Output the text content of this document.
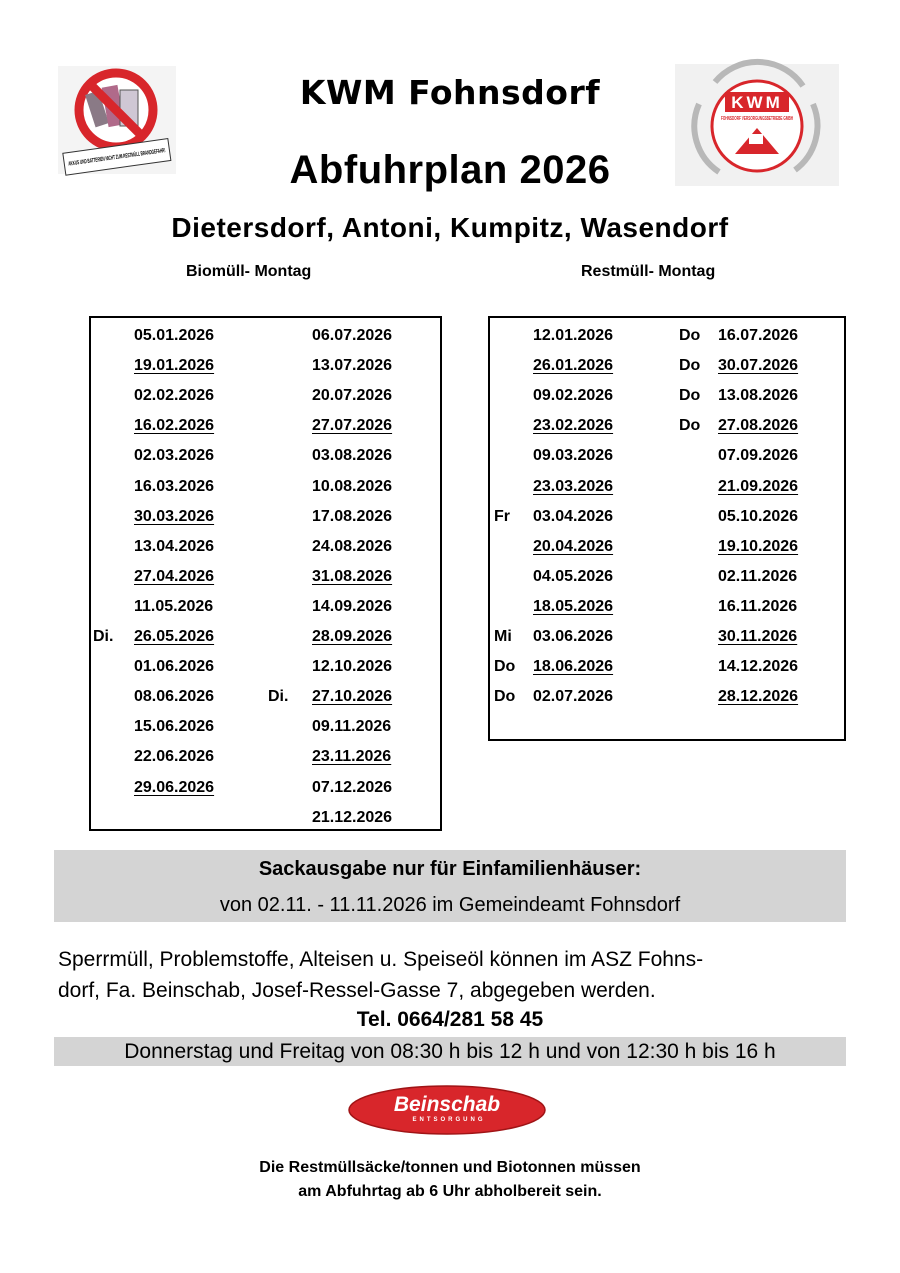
AKKUS UND BATTERIEN NICHT ZUM RESTMÜLL BRANDGEFAHR!
KWM
FOHNSDORF VERSORGUNGSBETRIEBE GMBH
KWM Fohnsdorf
Abfuhrplan 2026
Dietersdorf, Antoni, Kumpitz, Wasendorf
Biomüll- Montag	Restmüll- Montag
05.01.2026
19.01.2026
02.02.2026
16.02.2026
02.03.2026
16.03.2026
30.03.2026
13.04.2026
27.04.2026
11.05.2026
Di. 26.05.2026
01.06.2026
08.06.2026
15.06.2026
22.06.2026
29.06.2026
06.07.2026
13.07.2026
20.07.2026
27.07.2026
03.08.2026
10.08.2026
17.08.2026
24.08.2026
31.08.2026
14.09.2026
28.09.2026
12.10.2026
Di. 27.10.2026
09.11.2026
23.11.2026
07.12.2026
21.12.2026
12.01.2026
26.01.2026
09.02.2026
23.02.2026
09.03.2026
23.03.2026
Fr 03.04.2026
20.04.2026
04.05.2026
18.05.2026
Mi 03.06.2026
Do 18.06.2026
Do 02.07.2026
Do 16.07.2026
Do 30.07.2026
Do 13.08.2026
Do 27.08.2026
07.09.2026
21.09.2026
05.10.2026
19.10.2026
02.11.2026
16.11.2026
30.11.2026
14.12.2026
28.12.2026
Sackausgabe nur für Einfamilienhäuser:
von 02.11. - 11.11.2026 im Gemeindeamt Fohnsdorf
Sperrmüll, Problemstoffe, Alteisen u. Speiseöl können im ASZ Fohns-
dorf, Fa. Beinschab, Josef-Ressel-Gasse 7, abgegeben werden.
Tel. 0664/281 58 45
Donnerstag und Freitag von 08:30 h bis 12 h und von 12:30 h bis 16 h
Beinschab
ENTSORGUNG
Die Restmüllsäcke/tonnen und Biotonnen müssen
am Abfuhrtag ab 6 Uhr abholbereit sein.
